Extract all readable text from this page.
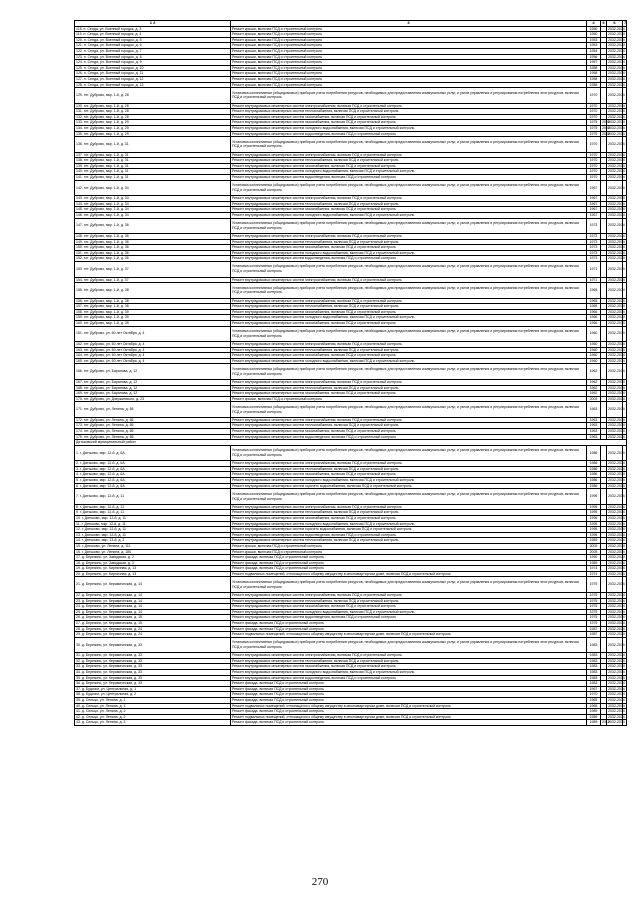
1 2	3	4	5	6	7
118. п. Сенда, ул. Военный городок, д. 3	Ремонт крыши, включая ПСД и строительный контроль	1950		2032-2034	
119. п. Сенда, ул. Военный городок, д. 4	Ремонт крыши, включая ПСД и строительный контроль	1950		2032-2034	
120. п. Сенда, ул. Военный городок, д. 5	Ремонт крыши, включая ПСД и строительный контроль	1953		2032-2034	
121. п. Сенда, ул. Военный городок, д. 6	Ремонт крыши, включая ПСД и строительный контроль	1953		2032-2034	
122. п. Сенда, ул. Военный городок, д. 7	Ремонт крыши, включая ПСД и строительный контроль	1954		2032-2034	
123. п. Сенда, ул. Военный городок, д. 8	Ремонт крыши, включая ПСД и строительный контроль	1956		2032-2034	
124. п. Сенда, ул. Военный городок, д. 9	Ремонт крыши, включая ПСД и строительный контроль	1957		2032-2034	
125. п. Сенда, ул. Военный городок, д. 10	Ремонт крыши, включая ПСД и строительный контроль	1958		2032-2034	
126. п. Сенда, ул. Военный городок, д. 11	Ремонт крыши, включая ПСД и строительный контроль	1958		2032-2034	
127. п. Сенда, ул. Военный городок, д. 12	Ремонт крыши, включая ПСД и строительный контроль	1958		2032-2034	
128. п. Сенда, ул. Военный городок, д. 13	Ремонт крыши, включая ПСД и строительный контроль	1958		2032-2034	
129. пгт. Дуброво, мкр. 1-й, д. 28	Установка коллективных (общедомовых) приборов учета потребления ресурсов, необходимых для предоставления коммунальных услуг, и узлов управления и регулирования потребления этих ресурсов, включая ПСД и строительный контроль	1970		2032-2034	
130. пгт. Дуброво, мкр. 1-й, д. 28	Ремонт внутридомовых инженерных систем электроснабжения, включая ПСД и строительный контроль	1970		2032-2034	
131. пгт. Дуброво, мкр. 1-й, д. 28	Ремонт внутридомовых инженерных систем теплоснабжения, включая ПСД и строительный контроль	1970		2032-2034	
132. пгт. Дуброво, мкр. 1-й, д. 28	Ремонт внутридомовых инженерных систем газоснабжения, включая ПСД и строительный контроль	1970		2032-2034	
133. пгт. Дуброво, мкр. 1-й, д. 29	Ремонт внутридомовых инженерных систем газоснабжения, включая ПСД и строительный контроль	1975	2008	2032-2034	
134. пгт. Дуброво, мкр. 1-й, д. 29	Ремонт внутридомовых инженерных систем холодного водоснабжения, включая ПСД и строительный контроль	1975	2008	2032-2034	
135. пгт. Дуброво, мкр. 1-й, д. 29	Ремонт внутридомовых инженерных систем водоотведения, включая ПСД и строительный контроль	1975	2008	2032-2034	
136. пгт. Дуброво, мкр. 1-й, д. 31	Установка коллективных (общедомовых) приборов учета потребления ресурсов, необходимых для предоставления коммунальных услуг, и узлов управления и регулирования потребления этих ресурсов, включая ПСД и строительный контроль	1970		2032-2034	
137. пгт. Дуброво, мкр. 1-й, д. 31	Ремонт внутридомовых инженерных систем электроснабжения, включая ПСД и строительный контроль	1970		2032-2034	
138. пгт. Дуброво, мкр. 1-й, д. 31	Ремонт внутридомовых инженерных систем теплоснабжения, включая ПСД и строительный контроль	1970		2032-2034	
139. пгт. Дуброво, мкр. 1-й, д. 31	Ремонт внутридомовых инженерных систем газоснабжения, включая ПСД и строительный контроль	1970		2032-2034	
140. пгт. Дуброво, мкр. 1-й, д. 31	Ремонт внутридомовых инженерных систем холодного водоснабжения, включая ПСД и строительный контроль	1970		2032-2034	
141. пгт. Дуброво, мкр. 1-й, д. 31	Ремонт внутридомовых инженерных систем водоотведения, включая ПСД и строительный контроль	1970		2032-2034	
142. пгт. Дуброво, мкр. 1-й, д. 34	Установка коллективных (общедомовых) приборов учета потребления ресурсов, необходимых для предоставления коммунальных услуг, и узлов управления и регулирования потребления этих ресурсов, включая ПСД и строительный контроль	1967		2032-2034	
143. пгт. Дуброво, мкр. 1-й, д. 34	Ремонт внутридомовых инженерных систем электроснабжения, включая ПСД и строительный контроль	1967		2032-2034	
144. пгт. Дуброво, мкр. 1-й, д. 34	Ремонт внутридомовых инженерных систем теплоснабжения, включая ПСД и строительный контроль	1967		2032-2034	
145. пгт. Дуброво, мкр. 1-й, д. 34	Ремонт внутридомовых инженерных систем газоснабжения, включая ПСД и строительный контроль	1967		2032-2034	
146. пгт. Дуброво, мкр. 1-й, д. 34	Ремонт внутридомовых инженерных систем холодного водоснабжения, включая ПСД и строительный контроль	1967		2032-2034	
147. пгт. Дуброво, мкр. 1-й, д. 36	Установка коллективных (общедомовых) приборов учета потребления ресурсов, необходимых для предоставления коммунальных услуг, и узлов управления и регулирования потребления этих ресурсов, включая ПСД и строительный контроль	1973		2032-2034	
148. пгт. Дуброво, мкр. 1-й, д. 36	Ремонт внутридомовых инженерных систем электроснабжения, включая ПСД и строительный контроль	1973		2032-2034	
149. пгт. Дуброво, мкр. 1-й, д. 36	Ремонт внутридомовых инженерных систем теплоснабжения, включая ПСД и строительный контроль	1973		2032-2034	
150. пгт. Дуброво, мкр. 1-й, д. 36	Ремонт внутридомовых инженерных систем газоснабжения, включая ПСД и строительный контроль	1973		2032-2034	
151. пгт. Дуброво, мкр. 1-й, д. 36	Ремонт внутридомовых инженерных систем холодного водоснабжения, включая ПСД и строительный контроль	1973		2032-2034	
152. пгт. Дуброво, мкр. 1-й, д. 36	Ремонт внутридомовых инженерных систем водоотведения, включая ПСД и строительный контроль	1973		2032-2034	
153. пгт. Дуброво, мкр. 1-й, д. 37	Установка коллективных (общедомовых) приборов учета потребления ресурсов, необходимых для предоставления коммунальных услуг, и узлов управления и регулирования потребления этих ресурсов, включая ПСД и строительный контроль	1971		2032-2034	
154. пгт. Дуброво, мкр. 1-й, д. 37	Ремонт внутридомовых инженерных систем электроснабжения, включая ПСД и строительный контроль	1971		2032-2034	
155. пгт. Дуброво, мкр. 1-й, д. 38	Установка коллективных (общедомовых) приборов учета потребления ресурсов, необходимых для предоставления коммунальных услуг, и узлов управления и регулирования потребления этих ресурсов, включая ПСД и строительный контроль	1965		2032-2034	
156. пгт. Дуброво, мкр. 1-й, д. 38	Ремонт внутридомовых инженерных систем электроснабжения, включая ПСД и строительный контроль	1965		2032-2034	
157. пгт. Дуброво, мкр. 1-й, д. 38	Ремонт внутридомовых инженерных систем теплоснабжения, включая ПСД и строительный контроль	1965		2032-2034	
158. пгт. Дуброво, мкр. 1-й, д. 39	Ремонт внутридомовых инженерных систем газоснабжения, включая ПСД и строительный контроль	1966		2032-2034	
159. пгт. Дуброво, мкр. 1-й, д. 39	Ремонт внутридомовых инженерных систем холодного водоснабжения, включая ПСД и строительный контроль	1966		2032-2034	
160. пгт. Дуброво, мкр. 1-й, д. 39	Ремонт внутридомовых инженерных систем газоснабжения, включая ПСД и строительный контроль	1966		2032-2034	
161. пгт. Дуброво, ул. 60 лет Октября, д. 4	Установка коллективных (общедомовых) приборов учета потребления ресурсов, необходимых для предоставления коммунальных услуг, и узлов управления и регулирования потребления этих ресурсов, включая ПСД и строительный контроль	1960		2032-2034	
162. пгт. Дуброво, ул. 60 лет Октября, д. 4	Ремонт внутридомовых инженерных систем электроснабжения, включая ПСД и строительный контроль	1960		2032-2034	
163. пгт. Дуброво, ул. 60 лет Октября, д. 4	Ремонт внутридомовых инженерных систем теплоснабжения, включая ПСД и строительный контроль	1960		2032-2034	
164. пгт. Дуброво, ул. 60 лет Октября, д. 4	Ремонт внутридомовых инженерных систем газоснабжения, включая ПСД и строительный контроль	1960		2032-2034	
165. пгт. Дуброво, ул. 60 лет Октября, д. 4	Ремонт внутридомовых инженерных систем холодного водоснабжения, включая ПСД и строительный контроль	1960		2032-2034	
166. пгт. Дуброво, ул. Баранова, д. 12	Установка коллективных (общедомовых) приборов учета потребления ресурсов, необходимых для предоставления коммунальных услуг, и узлов управления и регулирования потребления этих ресурсов, включая ПСД и строительный контроль	1962		2032-2034	
167. пгт. Дуброво, ул. Баранова, д. 12	Ремонт внутридомовых инженерных систем электроснабжения, включая ПСД и строительный контроль	1962		2032-2034	
168. пгт. Дуброво, ул. Баранова, д. 12	Ремонт внутридомовых инженерных систем теплоснабжения, включая ПСД и строительный контроль	1962		2032-2034	
169. пгт. Дуброво, ул. Баранова, д. 12	Ремонт внутридомовых инженерных систем газоснабжения, включая ПСД и строительный контроль	1962		2032-2034	
170. пгт. Дуброво, ул. Дзержинского, д. 23	Ремонт крыши, включая ПСД и строительный контроль	2003		2032-2034	
171. пгт. Дуброво, ул. Ленина, д. 65	Установка коллективных (общедомовых) приборов учета потребления ресурсов, необходимых для предоставления коммунальных услуг, и узлов управления и регулирования потребления этих ресурсов, включая ПСД и строительный контроль	1963		2032-2034	
172. пгт. Дуброво, ул. Ленина, д. 65	Ремонт внутридомовых инженерных систем электроснабжения, включая ПСД и строительный контроль	1963		2032-2034	
173. пгт. Дуброво, ул. Ленина, д. 65	Ремонт внутридомовых инженерных систем теплоснабжения, включая ПСД и строительный контроль	1963		2032-2034	
174. пгт. Дуброво, ул. Ленина, д. 65	Ремонт внутридомовых инженерных систем газоснабжения, включая ПСД и строительный контроль	1963		2032-2034	
175. пгт. Дуброво, ул. Ленина, д. 65	Ремонт внутридомовых инженерных систем водоотведения, включая ПСД и строительный контроль	1963		2032-2034	
Дятьковский муниципальный район					
1. г. Дятьково, мкр. 12-й, д. 6А	Установка коллективных (общедомовых) приборов учета потребления ресурсов, необходимых для предоставления коммунальных услуг, и узлов управления и регулирования потребления этих ресурсов, включая ПСД и строительный контроль	1986		2032-2034	
2. г. Дятьково, мкр. 12-й, д. 6А	Ремонт внутридомовых инженерных систем электроснабжения, включая ПСД и строительный контроль	1986		2032-2034	
3. г. Дятьково, мкр. 12-й, д. 6А	Ремонт внутридомовых инженерных систем теплоснабжения, включая ПСД и строительный контроль	1986		2032-2034	
4. г. Дятьково, мкр. 12-й, д. 6А	Ремонт внутридомовых инженерных систем газоснабжения, включая ПСД и строительный контроль	1986		2032-2034	
5. г. Дятьково, мкр. 12-й, д. 6А	Ремонт внутридомовых инженерных систем холодного водоснабжения, включая ПСД и строительный контроль	1986		2032-2034	
6. г. Дятьково, мкр. 12-й, д. 6А	Ремонт внутридомовых инженерных систем горячего водоснабжения, включая ПСД и строительный контроль	1986		2032-2034	
7. г. Дятьково, мкр. 12-й, д. 11	Установка коллективных (общедомовых) приборов учета потребления ресурсов, необходимых для предоставления коммунальных услуг, и узлов управления и регулирования потребления этих ресурсов, включая ПСД и строительный контроль	1995		2032-2034	
8. г. Дятьково, мкр. 12-й, д. 11	Ремонт внутридомовых инженерных систем электроснабжения, включая ПСД и строительный контроль	1995		2032-2034	
9. г. Дятьково, мкр. 12-й, д. 11	Ремонт внутридомовых инженерных систем теплоснабжения, включая ПСД и строительный контроль	1995		2032-2034	
10. г. Дятьково, мкр. 12-й, д. 11	Ремонт внутридомовых инженерных систем газоснабжения, включая ПСД и строительный контроль	1995		2032-2034	
11. г. Дятьково, мкр. 12-й, д. 11	Ремонт внутридомовых инженерных систем холодного водоснабжения, включая ПСД и строительный контроль	1995		2032-2034	
12. г. Дятьково, мкр. 12-й, д. 11	Ремонт внутридомовых инженерных систем горячего водоснабжения, включая ПСД и строительный контроль	1995		2032-2034	
13. г. Дятьково, мкр. 12-й, д. 11	Ремонт внутридомовых инженерных систем водоотведения, включая ПСД и строительный контроль	1995		2032-2034	
14. г. Дятьково, мкр. 13-й, д. 2	Ремонт внутридомовых инженерных систем теплоснабжения, включая ПСД и строительный контроль	1989		2032-2034	
15. г. Дятьково, ул. Ленина, д. 111	Ремонт крыши, включая ПСД и строительный контроль	2002		2032-2034	
16. г. Дятьково, ул. Ленина, д. 180	Ремонт крыши, включая ПСД и строительный контроль	2005		2032-2034	
17. д. Березино, ул. Заводская, д. 2	Ремонт фасада, включая ПСД и строительный контроль	1990		2032-2034	
18. д. Березино, ул. Заводская, д. 3	Ремонт фасада, включая ПСД и строительный контроль	1989		2032-2034	
19. д. Березино, ул. Кирпичная, д. 13	Ремонт фасада, включая ПСД и строительный контроль	1974		2032-2034	
20. д. Березино, ул. Кирпичная, д. 13	Ремонт подвальных помещений, относящихся к общему имуществу в многоквартирном доме, включая ПСД и строительный контроль	1974		2032-2034	
21. д. Березино, ул. Керамическая, д. 14	Установка коллективных (общедомовых) приборов учета потребления ресурсов, необходимых для предоставления коммунальных услуг, и узлов управления и регулирования потребления этих ресурсов, включая ПСД и строительный контроль	1975		2032-2034	
22. д. Березино, ул. Керамическая, д. 14	Ремонт внутридомовых инженерных систем электроснабжения, включая ПСД и строительный контроль	1975		2032-2034	
23. д. Березино, ул. Керамическая, д. 14	Ремонт внутридомовых инженерных систем теплоснабжения, включая ПСД и строительный контроль	1975		2032-2034	
24. д. Березино, ул. Керамическая, д. 14	Ремонт внутридомовых инженерных систем газоснабжения, включая ПСД и строительный контроль	1975		2032-2034	
25. д. Березино, ул. Керамическая, д. 14	Ремонт внутридомовых инженерных систем холодного водоснабжения, включая ПСД и строительный контроль	1975		2032-2034	
26. д. Березино, ул. Керамическая, д. 15	Ремонт внутридомовых инженерных систем водоотведения, включая ПСД и строительный контроль	1975		2032-2034	
27. д. Березино, ул. Керамическая, д. 15	Ремонт фасада, включая ПСД и строительный контроль	1975		2032-2034	
28. д. Березино, ул. Керамическая, д. 24	Ремонт фасада, включая ПСД и строительный контроль	1987		2032-2034	
29. д. Березино, ул. Керамическая, д. 24	Ремонт подвальных помещений, относящихся к общему имуществу в многоквартирном доме, включая ПСД и строительный контроль	1987		2032-2034	
30. д. Березино, ул. Керамическая, д. 33	Установка коллективных (общедомовых) приборов учета потребления ресурсов, необходимых для предоставления коммунальных услуг, и узлов управления и регулирования потребления этих ресурсов, включая ПСД и строительный контроль	1983		2032-2034	
31. д. Березино, ул. Керамическая, д. 33	Ремонт внутридомовых инженерных систем электроснабжения, включая ПСД и строительный контроль	1983		2032-2034	
32. д. Березино, ул. Керамическая, д. 33	Ремонт внутридомовых инженерных систем теплоснабжения, включая ПСД и строительный контроль	1983		2032-2034	
33. д. Березино, ул. Керамическая, д. 33	Ремонт внутридомовых инженерных систем газоснабжения, включая ПСД и строительный контроль	1983		2032-2034	
34. д. Березино, ул. Керамическая, д. 33	Ремонт внутридомовых инженерных систем холодного водоснабжения, включая ПСД и строительный контроль	1983		2032-2034	
35. д. Березино, ул. Керамическая, д. 33	Ремонт внутридомовых инженерных систем водоотведения, включая ПСД и строительный контроль	1983		2032-2034	
36. д. Березино, ул. Керамическая, д. 33	Ремонт фасада, включая ПСД и строительный контроль	1983		2032-2034	
37. д. Будочки, ул. Центральная, д. 1	Ремонт фасада, включая ПСД и строительный контроль	1967		2032-2034	
38. д. Будочки, ул. Центральная, д. 2	Ремонт фасада, включая ПСД и строительный контроль	1970		2032-2034	
39. д. Сельцо, ул. Ленина, д. 1	Ремонт фасада, включая ПСД и строительный контроль	1965		2032-2034	
40. д. Сельцо, ул. Ленина, д. 1	Ремонт подвальных помещений, относящихся к общему имуществу в многоквартирном доме, включая ПСД и строительный контроль	1965		2032-2034	
41. д. Сельцо, ул. Ленина, д. 2	Ремонт фасада, включая ПСД и строительный контроль	1989		2032-2034	
42. д. Сельцо, ул. Ленина, д. 2	Ремонт подвальных помещений, относящихся к общему имуществу в многоквартирном доме, включая ПСД и строительный контроль	1989		2032-2034	
43. д. Сельцо, ул. Ленина, д. 3	Ремонт фасада, включая ПСД и строительный контроль	1989	2010	2032-2034	
270
